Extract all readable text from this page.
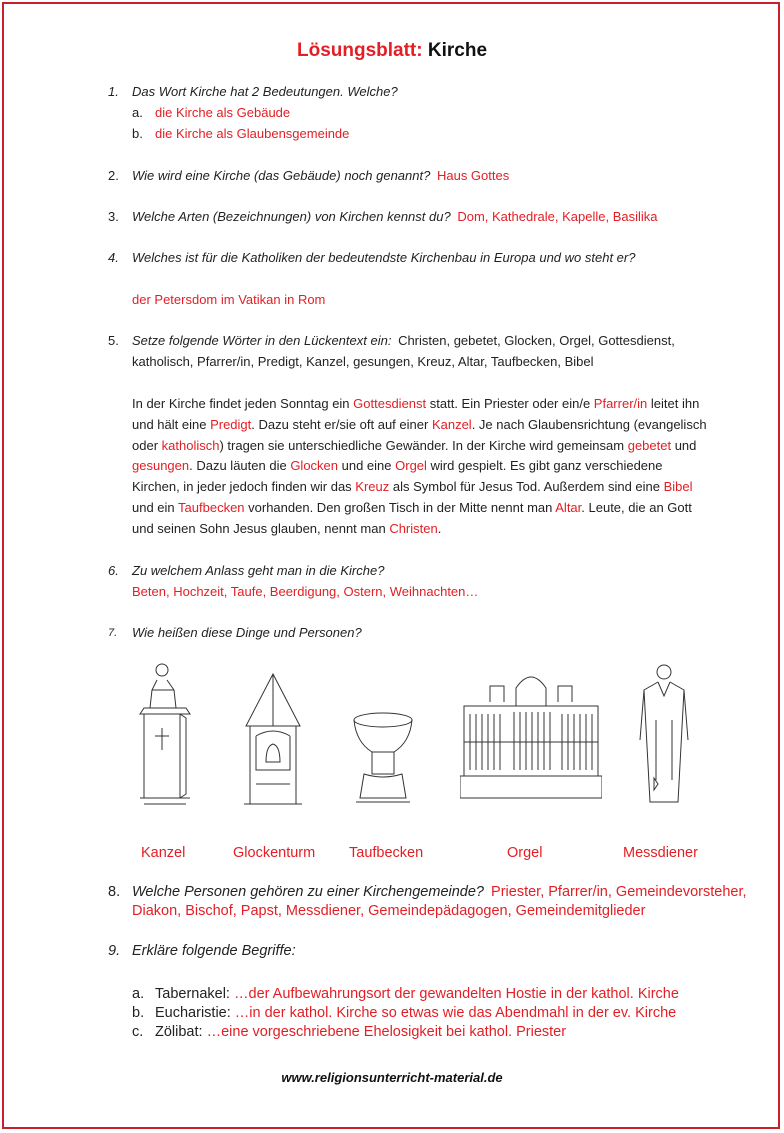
Lösungsblatt: Kirche
1. Das Wort Kirche hat 2 Bedeutungen. Welche?
a. die Kirche als Gebäude
b. die Kirche als Glaubensgemeinde
2. Wie wird eine Kirche (das Gebäude) noch genannt? Haus Gottes
3. Welche Arten (Bezeichnungen) von Kirchen kennst du? Dom, Kathedrale, Kapelle, Basilika
4. Welches ist für die Katholiken der bedeutendste Kirchenbau in Europa und wo steht er?
der Petersdom im Vatikan in Rom
5. Setze folgende Wörter in den Lückentext ein: Christen, gebetet, Glocken, Orgel, Gottesdienst,
katholisch, Pfarrer/in, Predigt, Kanzel, gesungen, Kreuz, Altar, Taufbecken, Bibel
In der Kirche findet jeden Sonntag ein Gottesdienst statt. Ein Priester oder ein/e Pfarrer/in leitet ihn und hält eine Predigt. Dazu steht er/sie oft auf einer Kanzel. Je nach Glaubensrichtung (evangelisch oder katholisch) tragen sie unterschiedliche Gewänder. In der Kirche wird gemeinsam gebetet und gesungen. Dazu läuten die Glocken und eine Orgel wird gespielt. Es gibt ganz verschiedene Kirchen, in jeder jedoch finden wir das Kreuz als Symbol für Jesus Tod. Außerdem sind eine Bibel und ein Taufbecken vorhanden. Den großen Tisch in der Mitte nennt man Altar. Leute, die an Gott und seinen Sohn Jesus glauben, nennt man Christen.
6. Zu welchem Anlass geht man in die Kirche?
Beten, Hochzeit, Taufe, Beerdigung, Ostern, Weihnachten…
7. Wie heißen diese Dinge und Personen?
Kanzel	Glockenturm Taufbecken	Orgel	Messdiener
8. Welche Personen gehören zu einer Kirchengemeinde? Priester, Pfarrer/in, Gemeindevorsteher,
Diakon, Bischof, Papst, Messdiener, Gemeindepädagogen, Gemeindemitglieder
9. Erkläre folgende Begriffe:
a. Tabernakel: …der Aufbewahrungsort der gewandelten Hostie in der kathol. Kirche
b. Eucharistie: …in der kathol. Kirche so etwas wie das Abendmahl in der ev. Kirche
c. Zölibat: …eine vorgeschriebene Ehelosigkeit bei kathol. Priester
www.religionsunterricht-material.de
